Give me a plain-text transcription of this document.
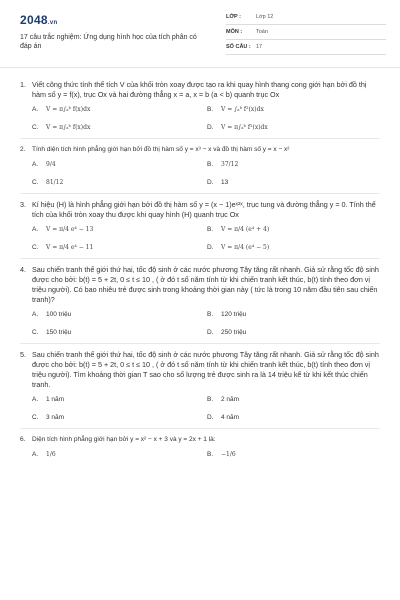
2048.vn
17 câu trắc nghiệm: Ứng dụng hình học của tích phân có đáp án
LỚP :	Lớp 12
MÔN :	Toán
SỐ CÂU : 17
1. Viết công thức tính thể tích V của khối tròn xoay được tạo ra khi quay hình thang cong giới hạn bởi đồ thị hàm số y = f(x), trục Ox và hai đường thẳng x = a, x = b (a < b) quanh trục Ox
A.	V = π∫ₐᵇ f(x)dx	B.	V = ∫ₐᵇ f²(x)dx
C.	V = π∫ₐᵇ f(x)dx	D.	V = π∫ₐᵇ f²(x)dx
2.	Tính diện tích hình phẳng giới hạn bởi đồ thị hàm số y = x³ − x và đồ thị hàm số y = x − x²
A.	9/4	B.	37/12
C.	81/12	D.	13
3. Kí hiệu (H) là hình phẳng giới hạn bởi đồ thị hàm số y = (x − 1)eˣ²ˣ, trục tung và đường thẳng y = 0. Tính thể tích của khối tròn xoay thu được khi quay hình (H) quanh trục Ox
A.	V = π/4 e⁴ − 13	B.	V = π/4 (e⁴ + 4)
C.	V = π/4 e⁴ − 11	D.	V = π/4 (e⁴ − 5)
4. Sau chiến tranh thế giới thứ hai, tốc độ sinh ở các nước phương Tây tăng rất nhanh. Giả sử rằng tốc độ sinh được cho bởi: b(t) = 5 + 2t, 0 ≤ t ≤ 10 , ( ở đó t số năm tính từ khi chiến tranh kết thúc, b(t) tính theo đơn vị triệu người). Có bao nhiêu trẻ được sinh trong khoảng thời gian này ( tức là trong 10 năm đầu tiên sau chiến tranh)?
A.	100 triệu	B.	120 triệu
C.	150 triệu	D.	250 triệu
5. Sau chiến tranh thế giới thứ hai, tốc độ sinh ở các nước phương Tây tăng rất nhanh. Giả sử rằng tốc độ sinh được cho bởi: b(t) = 5 + 2t, 0 ≤ t ≤ 10 , ( ở đó t số năm tính từ khi chiến tranh kết thúc, b(t) tính theo đơn vị triệu người). Tìm khoảng thời gian T sao cho số lượng trẻ được sinh ra là 14 triệu kể từ khi kết thúc chiến tranh.
A.	1 năm	B.	2 năm
C.	3 năm	D.	4 năm
6.	Diện tích hình phẳng giới hạn bởi y = x² − x + 3 và y = 2x + 1 là:
A.	1/6	B.	−1/6
